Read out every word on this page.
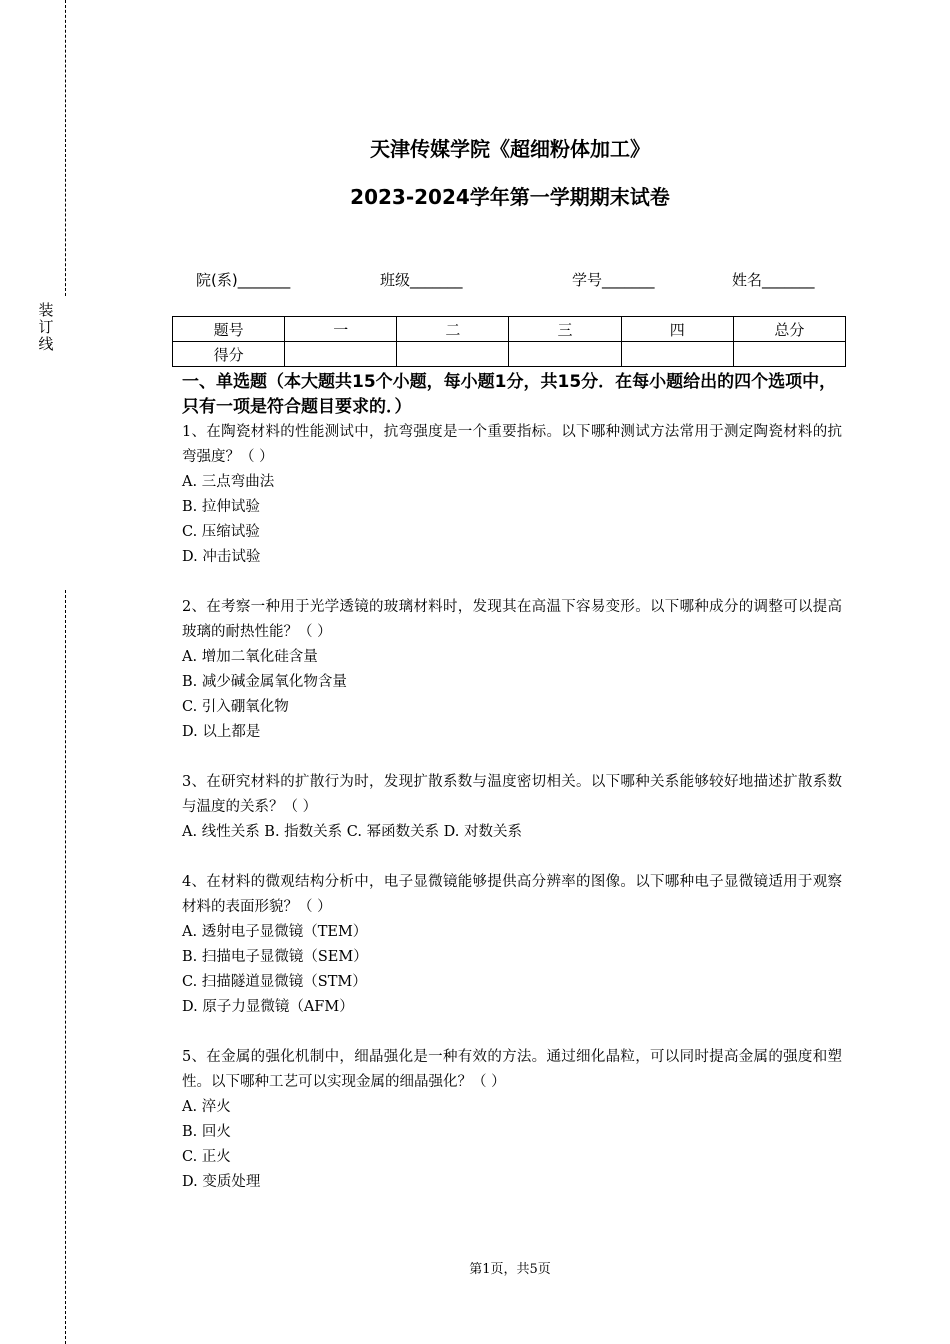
装订线
天津传媒学院《超细粉体加工》
2023-2024学年第一学期期末试卷
院(系)_______	班级_______	学号_______	姓名_______
题号	一	二	三	四	总分
得分					

一、单选题（本大题共15个小题，每小题1分，共15分．在每小题给出的四个选项中，只有一项是符合题目要求的．）

1、在陶瓷材料的性能测试中，抗弯强度是一个重要指标。以下哪种测试方法常用于测定陶瓷材料的抗弯强度？（ ）

A. 三点弯曲法

B. 拉伸试验

C. 压缩试验

D. 冲击试验

2、在考察一种用于光学透镜的玻璃材料时，发现其在高温下容易变形。以下哪种成分的调整可以提高玻璃的耐热性能？（ ）

A. 增加二氧化硅含量

B. 减少碱金属氧化物含量

C. 引入硼氧化物

D. 以上都是

3、在研究材料的扩散行为时，发现扩散系数与温度密切相关。以下哪种关系能够较好地描述扩散系数与温度的关系？（ ）

A. 线性关系 B. 指数关系 C. 幂函数关系 D. 对数关系

4、在材料的微观结构分析中，电子显微镜能够提供高分辨率的图像。以下哪种电子显微镜适用于观察材料的表面形貌？（ ）

A. 透射电子显微镜（TEM）

B. 扫描电子显微镜（SEM）

C. 扫描隧道显微镜（STM）

D. 原子力显微镜（AFM）

5、在金属的强化机制中，细晶强化是一种有效的方法。通过细化晶粒，可以同时提高金属的强度和塑性。以下哪种工艺可以实现金属的细晶强化？（ ）

A. 淬火

B. 回火

C. 正火

D. 变质处理

第1页，共5页
